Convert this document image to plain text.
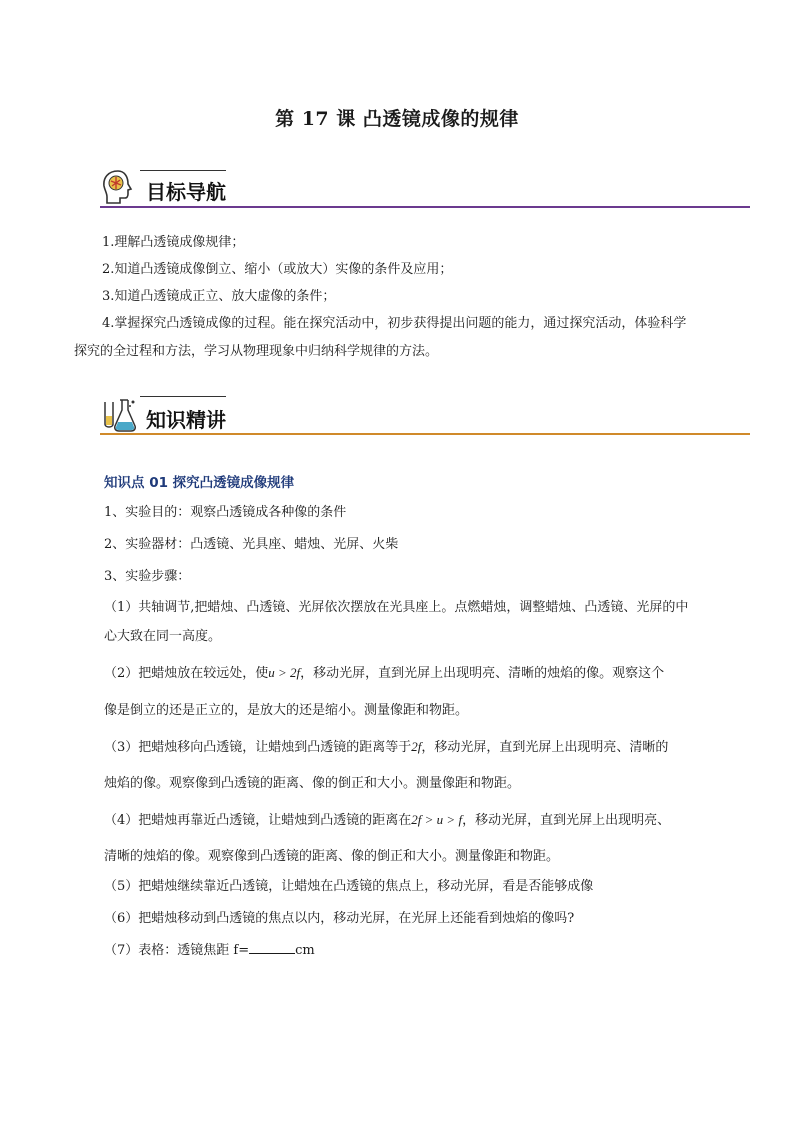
第 17 课 凸透镜成像的规律
目标导航
1.理解凸透镜成像规律；
2.知道凸透镜成像倒立、缩小（或放大）实像的条件及应用；
3.知道凸透镜成正立、放大虚像的条件；
4.掌握探究凸透镜成像的过程。能在探究活动中，初步获得提出问题的能力，通过探究活动，体验科学
探究的全过程和方法，学习从物理现象中归纳科学规律的方法。
知识精讲
知识点 01 探究凸透镜成像规律
1、实验目的：观察凸透镜成各种像的条件
2、实验器材：凸透镜、光具座、蜡烛、光屏、火柴
3、实验步骤：
（1）共轴调节,把蜡烛、凸透镜、光屏依次摆放在光具座上。点燃蜡烛，调整蜡烛、凸透镜、光屏的中
心大致在同一高度。
（2）把蜡烛放在较远处，使u > 2f，移动光屏，直到光屏上出现明亮、清晰的烛焰的像。观察这个
像是倒立的还是正立的，是放大的还是缩小。测量像距和物距。
（3）把蜡烛移向凸透镜，让蜡烛到凸透镜的距离等于2f，移动光屏，直到光屏上出现明亮、清晰的
烛焰的像。观察像到凸透镜的距离、像的倒正和大小。测量像距和物距。
（4）把蜡烛再靠近凸透镜，让蜡烛到凸透镜的距离在2f > u > f，移动光屏，直到光屏上出现明亮、
清晰的烛焰的像。观察像到凸透镜的距离、像的倒正和大小。测量像距和物距。
（5）把蜡烛继续靠近凸透镜，让蜡烛在凸透镜的焦点上，移动光屏，看是否能够成像
（6）把蜡烛移动到凸透镜的焦点以内，移动光屏，在光屏上还能看到烛焰的像吗?
（7）表格：透镜焦距 f=	cm
